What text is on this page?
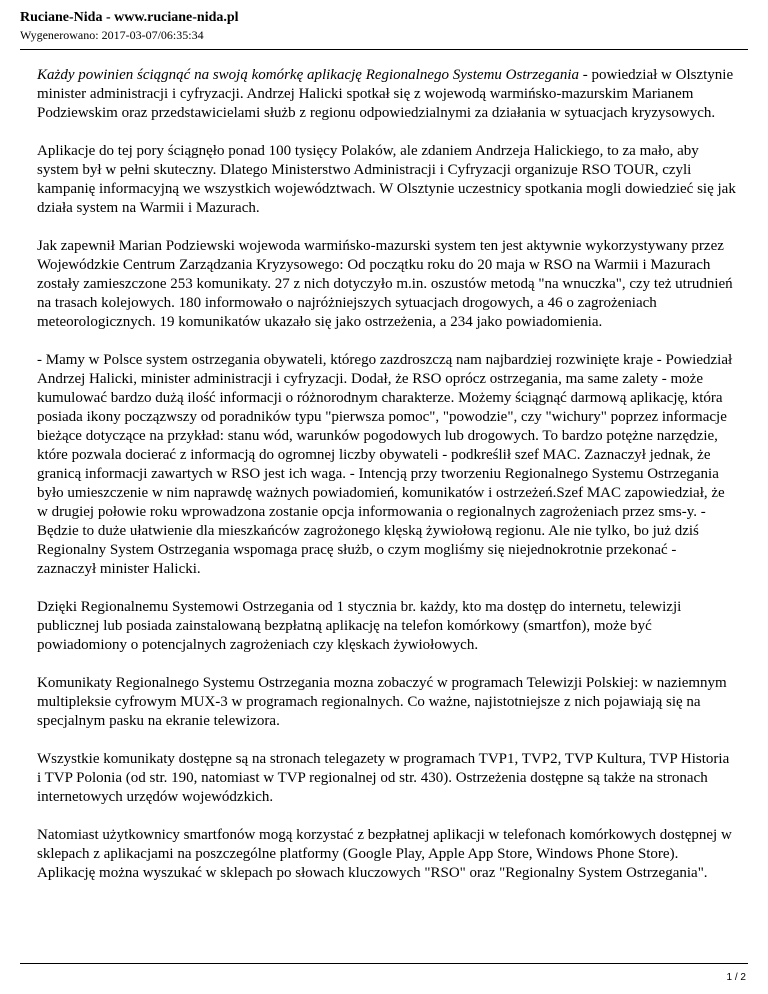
Ruciane-Nida - www.ruciane-nida.pl
Wygenerowano: 2017-03-07/06:35:34

Każdy powinien ściągnąć na swoją komórkę aplikację Regionalnego Systemu Ostrzegania - powiedział w Olsztynie minister administracji i cyfryzacji. Andrzej Halicki spotkał się z wojewodą warmińsko-mazurskim Marianem Podziewskim oraz przedstawicielami służb z regionu odpowiedzialnymi za działania w sytuacjach kryzysowych.

Aplikacje do tej pory ściągnęło ponad 100 tysięcy Polaków, ale zdaniem Andrzeja Halickiego, to za mało, aby system był w pełni skuteczny. Dlatego Ministerstwo Administracji i Cyfryzacji organizuje RSO TOUR, czyli kampanię informacyjną we wszystkich województwach. W Olsztynie uczestnicy spotkania mogli dowiedzieć się jak działa system na Warmii i Mazurach.

Jak zapewnił Marian Podziewski wojewoda warmińsko-mazurski system ten jest aktywnie wykorzystywany przez Wojewódzkie Centrum Zarządzania Kryzysowego: Od początku roku do 20 maja w RSO na Warmii i Mazurach zostały zamieszczone 253 komunikaty. 27 z nich dotyczyło m.in. oszustów metodą "na wnuczka", czy też utrudnień na trasach kolejowych. 180 informowało o najróżniejszych sytuacjach drogowych, a 46 o zagrożeniach meteorologicznych. 19 komunikatów ukazało się jako ostrzeżenia, a 234 jako powiadomienia.

- Mamy w Polsce system ostrzegania obywateli, którego zazdroszczą nam najbardziej rozwinięte kraje - Powiedział Andrzej Halicki, minister administracji i cyfryzacji. Dodał, że RSO oprócz ostrzegania, ma same zalety - może kumulować bardzo dużą ilość informacji o różnorodnym charakterze. Możemy ściągnąć darmową aplikację, która posiada ikony począzwszy od poradników typu "pierwsza pomoc", "powodzie", czy "wichury" poprzez informacje bieżące dotyczące na przykład: stanu wód, warunków pogodowych lub drogowych. To bardzo potężne narzędzie, które pozwala docierać z informacją do ogromnej liczby obywateli - podkreślił szef MAC. Zaznaczył jednak, że granicą informacji zawartych w RSO jest ich waga. - Intencją przy tworzeniu Regionalnego Systemu Ostrzegania było umieszczenie w nim naprawdę ważnych powiadomień, komunikatów i ostrzeżeń.Szef MAC zapowiedział, że w drugiej połowie roku wprowadzona zostanie opcja informowania o regionalnych zagrożeniach przez sms-y. - Będzie to duże ułatwienie dla mieszkańców zagrożonego klęską żywiołową regionu. Ale nie tylko, bo już dziś Regionalny System Ostrzegania wspomaga pracę służb, o czym mogliśmy się niejednokrotnie przekonać - zaznaczył minister Halicki.

Dzięki Regionalnemu Systemowi Ostrzegania od 1 stycznia br. każdy, kto ma dostęp do internetu, telewizji publicznej lub posiada zainstalowaną bezpłatną aplikację na telefon komórkowy (smartfon), może być powiadomiony o potencjalnych zagrożeniach czy klęskach żywiołowych.

Komunikaty Regionalnego Systemu Ostrzegania mozna zobaczyć w programach Telewizji Polskiej: w naziemnym multipleksie cyfrowym MUX-3 w programach regionalnych. Co ważne, najistotniejsze z nich pojawiają się na specjalnym pasku na ekranie telewizora.

Wszystkie komunikaty dostępne są na stronach telegazety w programach TVP1, TVP2, TVP Kultura, TVP Historia i TVP Polonia (od str. 190, natomiast w TVP regionalnej od str. 430). Ostrzeżenia dostępne są także na stronach internetowych urzędów wojewódzkich.

Natomiast użytkownicy smartfonów mogą korzystać z bezpłatnej aplikacji w telefonach komórkowych dostępnej w sklepach z aplikacjami na poszczególne platformy (Google Play, Apple App Store, Windows Phone Store). Aplikację można wyszukać w sklepach po słowach kluczowych "RSO" oraz "Regionalny System Ostrzegania".

1 / 2
